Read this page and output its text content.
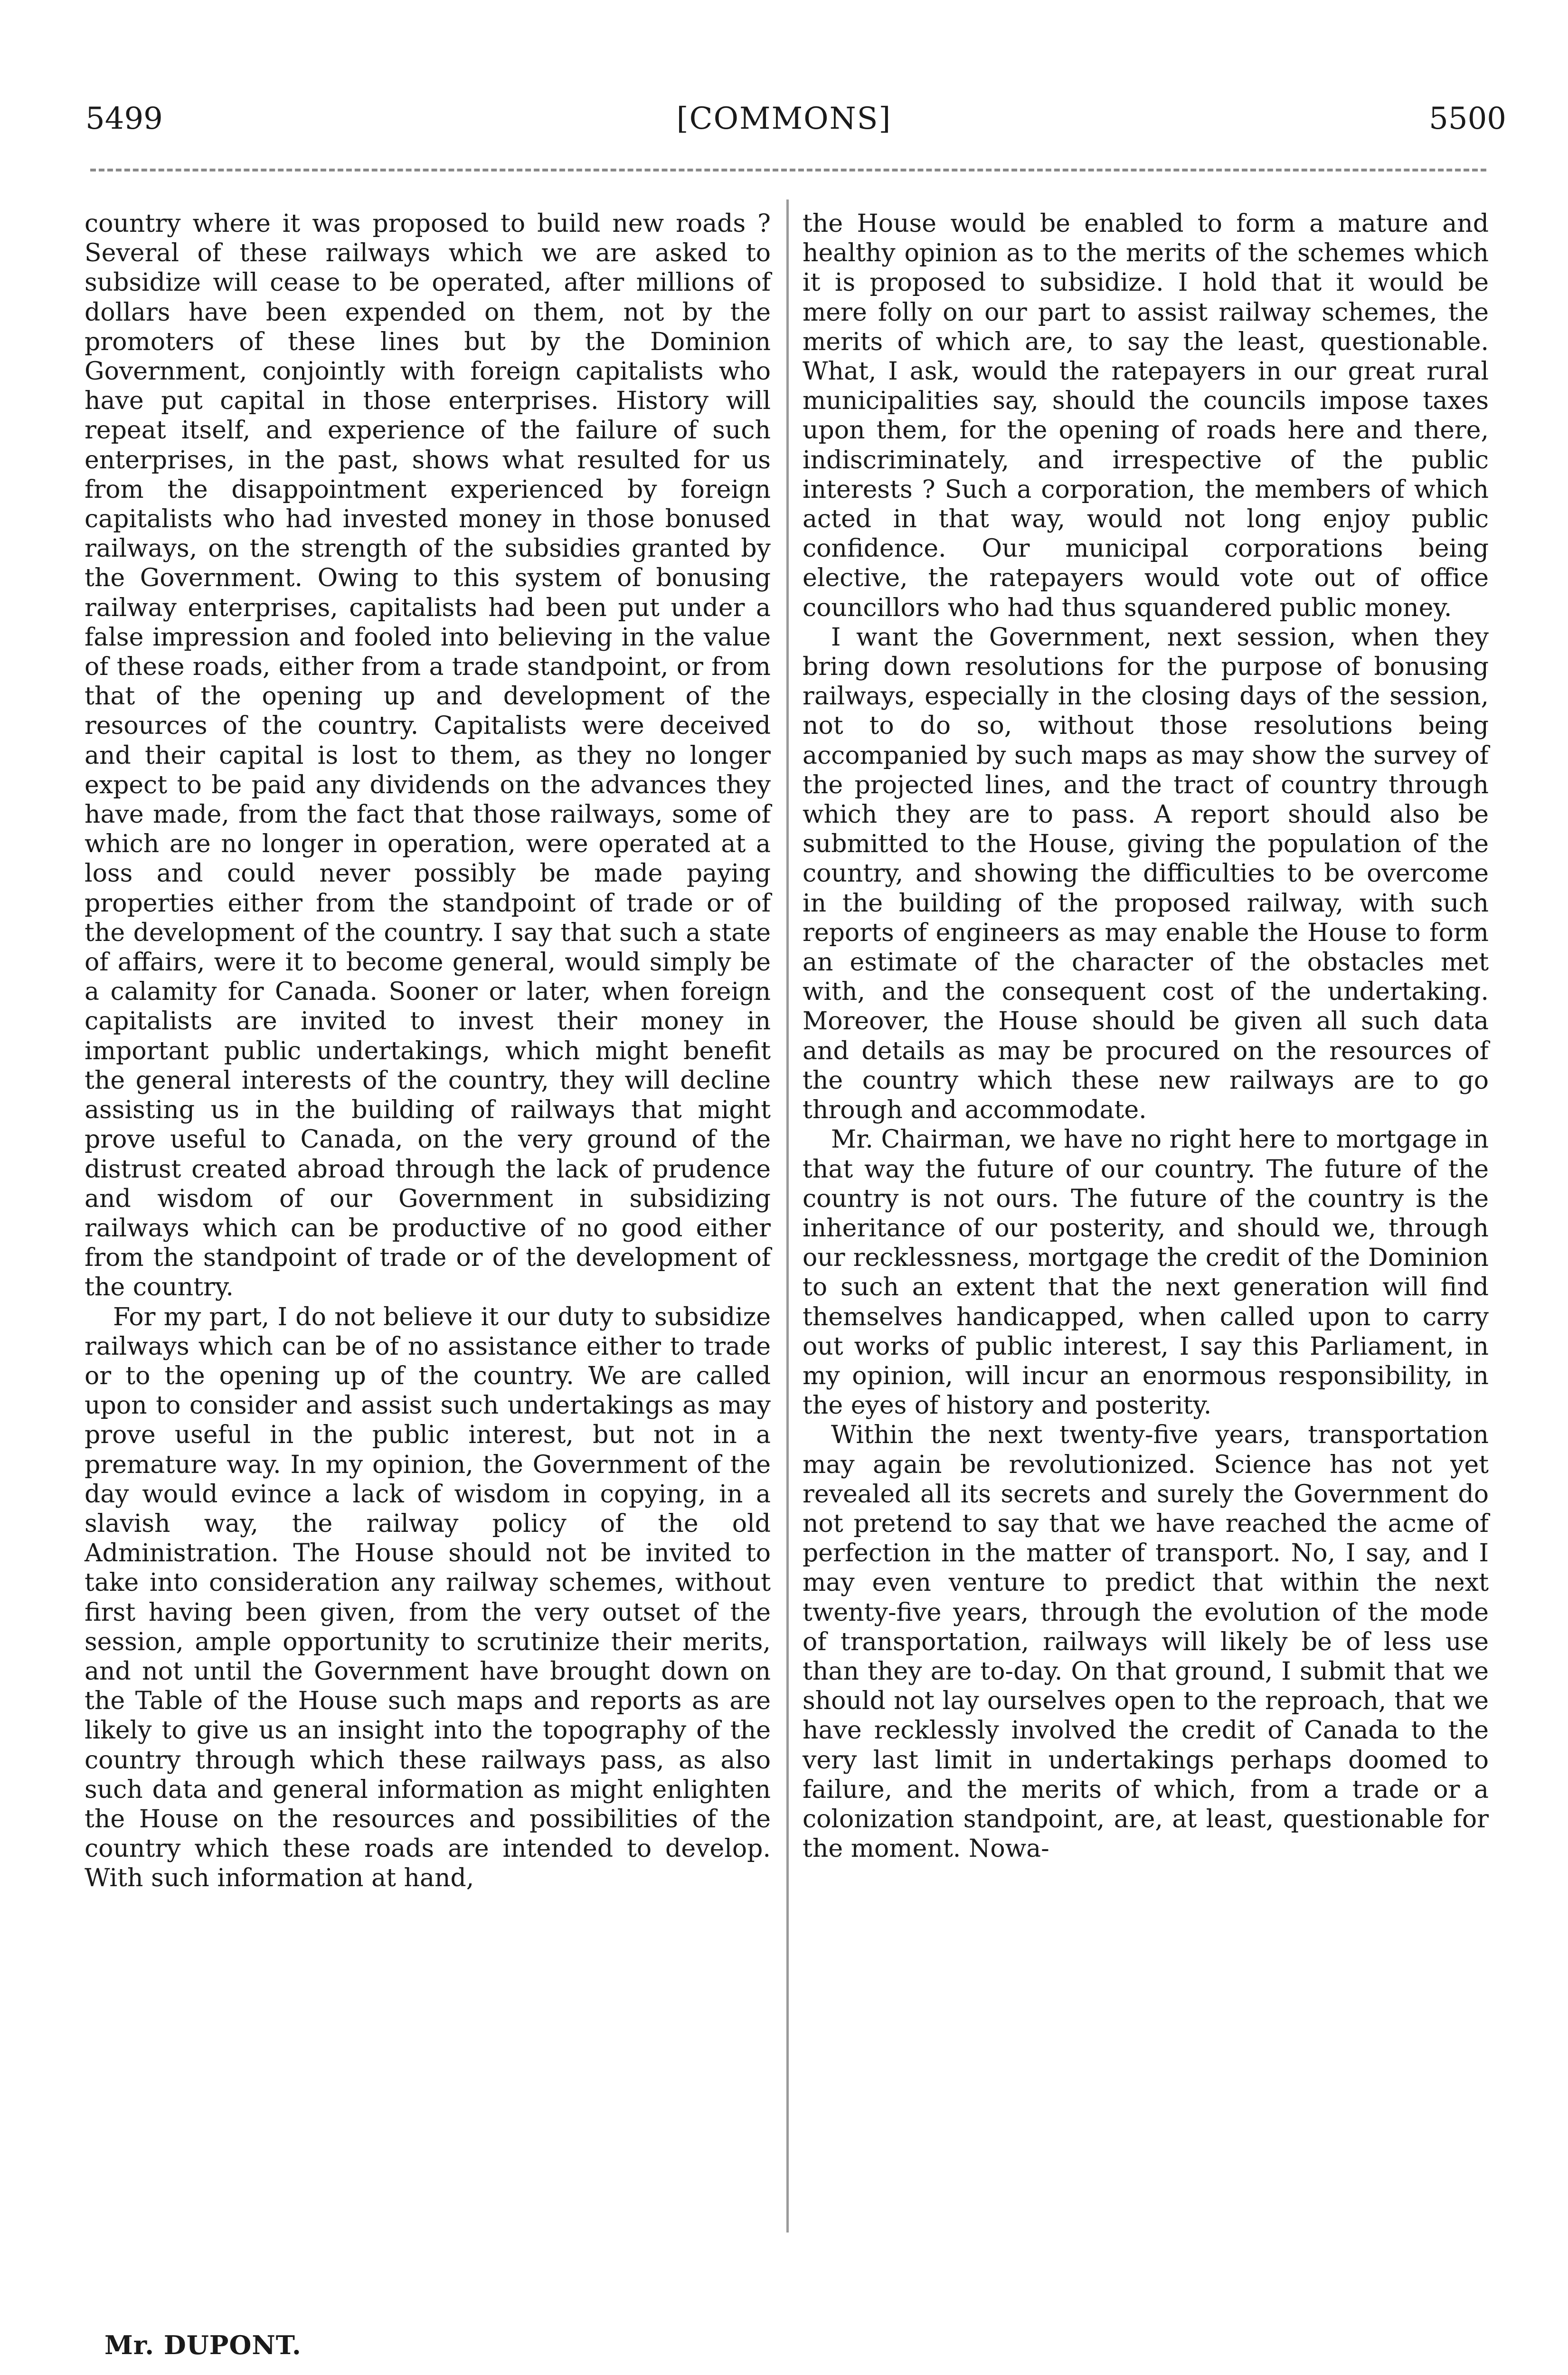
5499	[COMMONS]	5500

country where it was proposed to build new roads ? Several of these railways which we are asked to subsidize will cease to be operated, after millions of dollars have been expended on them, not by the promoters of these lines but by the Dominion Government, conjointly with foreign capitalists who have put capital in those enterprises. History will repeat itself, and experience of the failure of such enterprises, in the past, shows what resulted for us from the disappointment experienced by foreign capitalists who had invested money in those bonused railways, on the strength of the subsidies granted by the Government. Owing to this system of bonusing railway enterprises, capitalists had been put under a false impression and fooled into believing in the value of these roads, either from a trade standpoint, or from that of the opening up and development of the resources of the country. Capitalists were deceived and their capital is lost to them, as they no longer expect to be paid any dividends on the advances they have made, from the fact that those railways, some of which are no longer in operation, were operated at a loss and could never possibly be made paying properties either from the standpoint of trade or of the development of the country. I say that such a state of affairs, were it to become general, would simply be a calamity for Canada. Sooner or later, when foreign capitalists are invited to invest their money in important public undertakings, which might benefit the general interests of the country, they will decline assisting us in the building of railways that might prove useful to Canada, on the very ground of the distrust created abroad through the lack of prudence and wisdom of our Government in subsidizing railways which can be productive of no good either from the standpoint of trade or of the development of the country.

For my part, I do not believe it our duty to subsidize railways which can be of no assistance either to trade or to the opening up of the country. We are called upon to consider and assist such undertakings as may prove useful in the public interest, but not in a premature way. In my opinion, the Government of the day would evince a lack of wisdom in copying, in a slavish way, the railway policy of the old Administration. The House should not be invited to take into consideration any railway schemes, without first having been given, from the very outset of the session, ample opportunity to scrutinize their merits, and not until the Government have brought down on the Table of the House such maps and reports as are likely to give us an insight into the topography of the country through which these railways pass, as also such data and general information as might enlighten the House on the resources and possibilities of the country which these roads are intended to develop. With such information at hand,

the House would be enabled to form a mature and healthy opinion as to the merits of the schemes which it is proposed to subsidize. I hold that it would be mere folly on our part to assist railway schemes, the merits of which are, to say the least, questionable. What, I ask, would the ratepayers in our great rural municipalities say, should the councils impose taxes upon them, for the opening of roads here and there, indiscriminately, and irrespective of the public interests ? Such a corporation, the members of which acted in that way, would not long enjoy public confidence. Our municipal corporations being elective, the ratepayers would vote out of office councillors who had thus squandered public money.

I want the Government, next session, when they bring down resolutions for the purpose of bonusing railways, especially in the closing days of the session, not to do so, without those resolutions being accompanied by such maps as may show the survey of the projected lines, and the tract of country through which they are to pass. A report should also be submitted to the House, giving the population of the country, and showing the difficulties to be overcome in the building of the proposed railway, with such reports of engineers as may enable the House to form an estimate of the character of the obstacles met with, and the consequent cost of the undertaking. Moreover, the House should be given all such data and details as may be procured on the resources of the country which these new railways are to go through and accommodate.

Mr. Chairman, we have no right here to mortgage in that way the future of our country. The future of the country is not ours. The future of the country is the inheritance of our posterity, and should we, through our recklessness, mortgage the credit of the Dominion to such an extent that the next generation will find themselves handicapped, when called upon to carry out works of public interest, I say this Parliament, in my opinion, will incur an enormous responsibility, in the eyes of history and posterity.

Within the next twenty-five years, transportation may again be revolutionized. Science has not yet revealed all its secrets and surely the Government do not pretend to say that we have reached the acme of perfection in the matter of transport. No, I say, and I may even venture to predict that within the next twenty-five years, through the evolution of the mode of transportation, railways will likely be of less use than they are to-day. On that ground, I submit that we should not lay ourselves open to the reproach, that we have recklessly involved the credit of Canada to the very last limit in undertakings perhaps doomed to failure, and the merits of which, from a trade or a colonization standpoint, are, at least, questionable for the moment. Nowa-

Mr. DUPONT.
